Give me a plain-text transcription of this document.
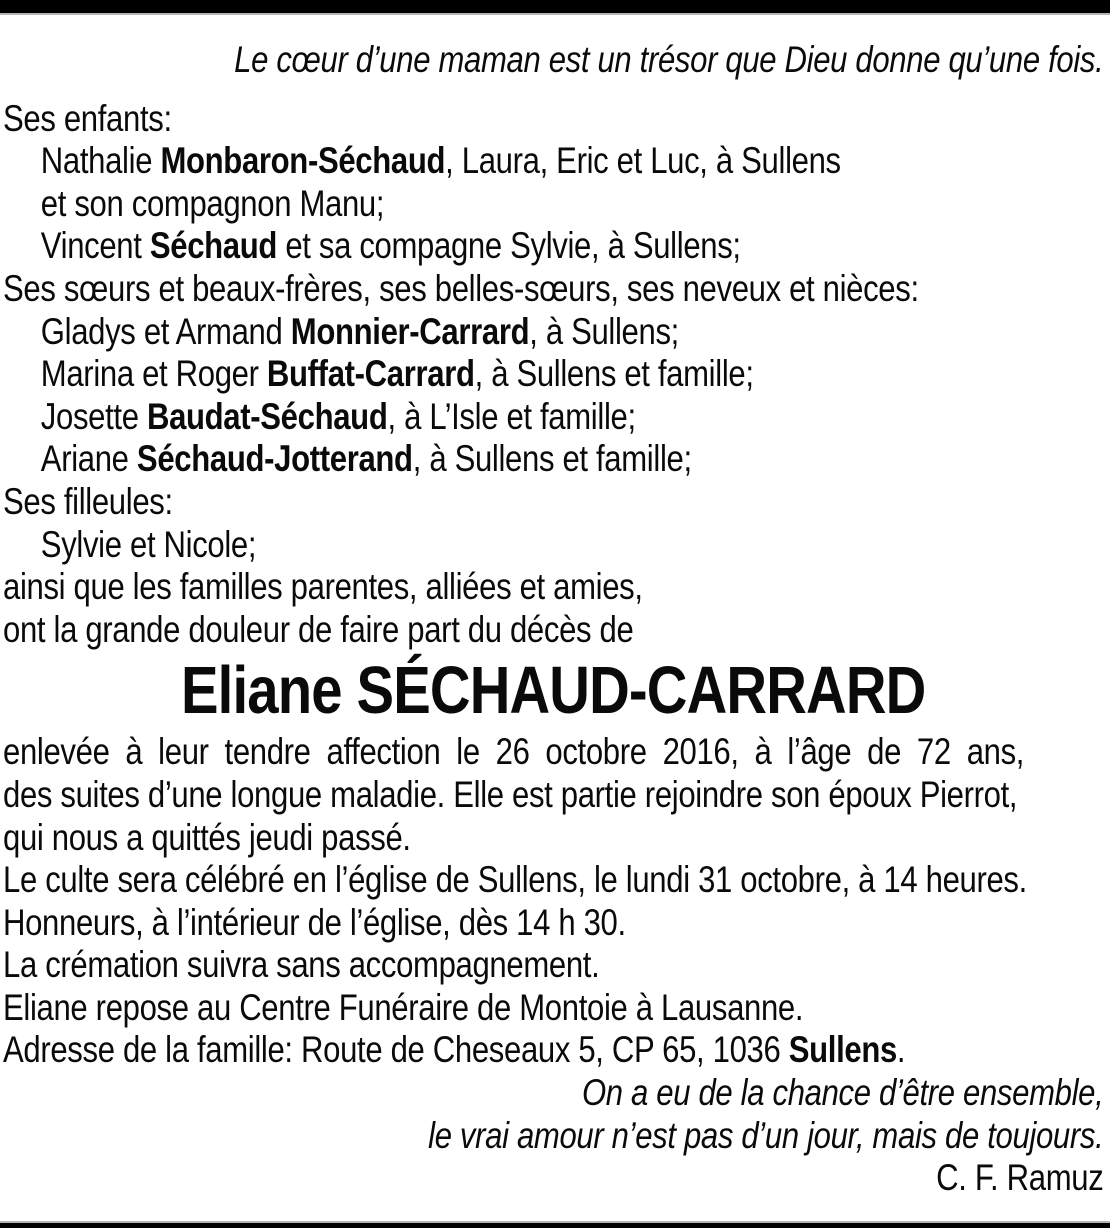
Le cœur d’une maman est un trésor que Dieu donne qu’une fois.

Ses enfants:

Nathalie Monbaron-Séchaud, Laura, Eric et Luc, à Sullens

et son compagnon Manu;

Vincent Séchaud et sa compagne Sylvie, à Sullens;

Ses sœurs et beaux-frères, ses belles-sœurs, ses neveux et nièces:

Gladys et Armand Monnier-Carrard, à Sullens;

Marina et Roger Buffat-Carrard, à Sullens et famille;

Josette Baudat-Séchaud, à L’Isle et famille;

Ariane Séchaud-Jotterand, à Sullens et famille;

Ses filleules:

Sylvie et Nicole;

ainsi que les familles parentes, alliées et amies,

ont la grande douleur de faire part du décès de

Eliane SÉCHAUD-CARRARD

enlevée à leur tendre affection le 26 octobre 2016, à l’âge de 72 ans,

des suites d’une longue maladie. Elle est partie rejoindre son époux Pierrot,

qui nous a quittés jeudi passé.

Le culte sera célébré en l’église de Sullens, le lundi 31 octobre, à 14 heures.

Honneurs, à l’intérieur de l’église, dès 14 h 30.

La crémation suivra sans accompagnement.

Eliane repose au Centre Funéraire de Montoie à Lausanne.

Adresse de la famille: Route de Cheseaux 5, CP 65, 1036 Sullens.

On a eu de la chance d’être ensemble,

le vrai amour n’est pas d’un jour, mais de toujours.

C. F. Ramuz
